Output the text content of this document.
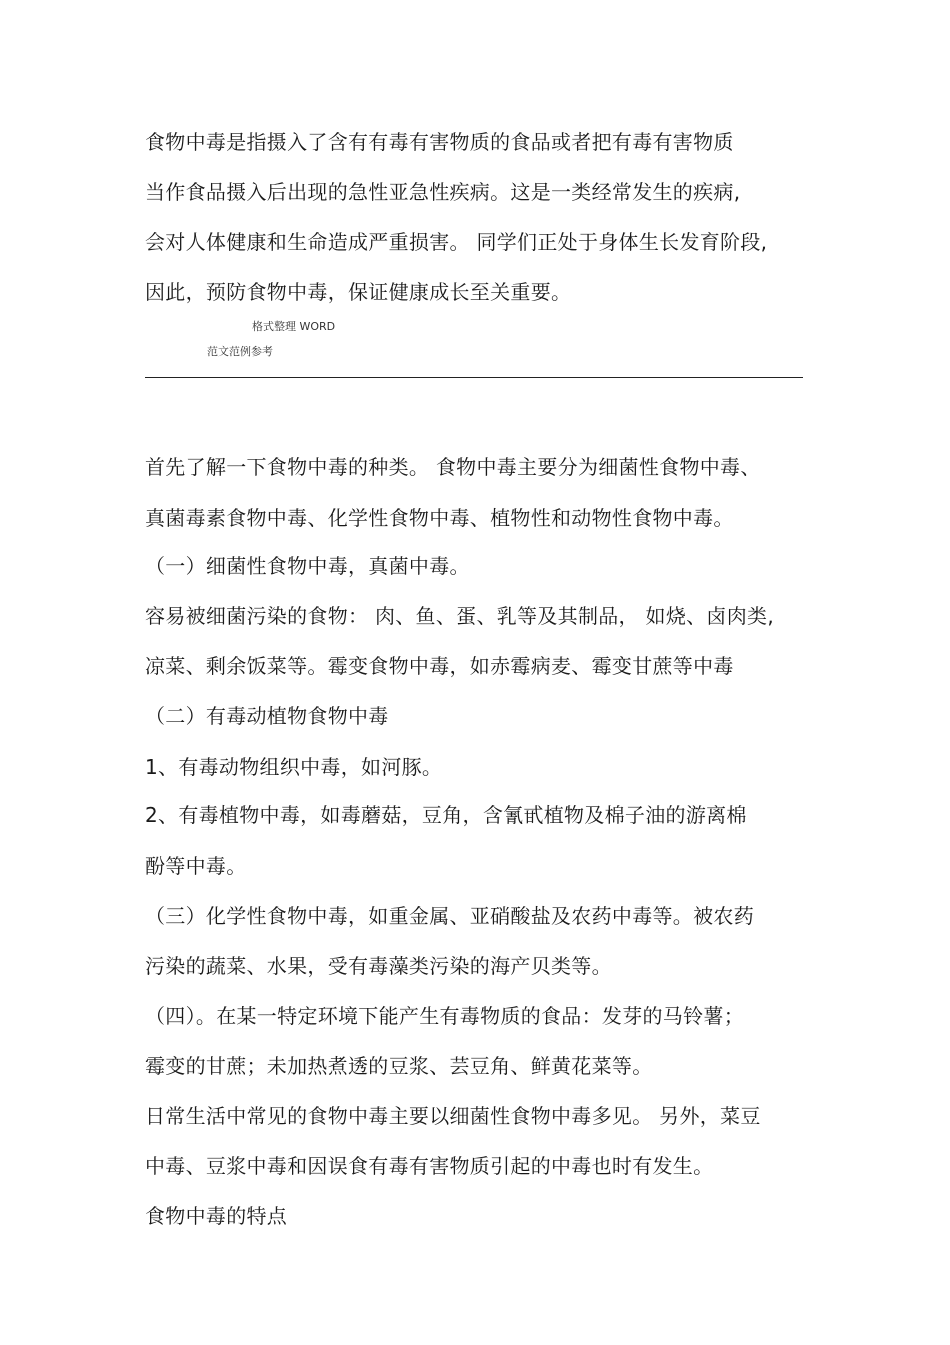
食物中毒是指摄入了含有有毒有害物质的食品或者把有毒有害物质
当作食品摄入后出现的急性亚急性疾病。这是一类经常发生的疾病,
会对人体健康和生命造成严重损害。 同学们正处于身体生长发育阶段,
因此，预防食物中毒，保证健康成长至关重要。
格式整理 WORD
范文范例参考
首先了解一下食物中毒的种类。 食物中毒主要分为细菌性食物中毒、
真菌毒素食物中毒、化学性食物中毒、植物性和动物性食物中毒。
（一）细菌性食物中毒，真菌中毒。
容易被细菌污染的食物： 肉、鱼、蛋、乳等及其制品， 如烧、卤肉类,
凉菜、剩余饭菜等。霉变食物中毒，如赤霉病麦、霉变甘蔗等中毒
（二）有毒动植物食物中毒
1、有毒动物组织中毒，如河豚。
2、有毒植物中毒，如毒蘑菇，豆角，含氰甙植物及棉子油的游离棉
酚等中毒。
（三）化学性食物中毒，如重金属、亚硝酸盐及农药中毒等。被农药
污染的蔬菜、水果，受有毒藻类污染的海产贝类等。
（四）。在某一特定环境下能产生有毒物质的食品：发芽的马铃薯；
霉变的甘蔗；未加热煮透的豆浆、芸豆角、鲜黄花菜等。
日常生活中常见的食物中毒主要以细菌性食物中毒多见。 另外，菜豆
中毒、豆浆中毒和因误食有毒有害物质引起的中毒也时有发生。
食物中毒的特点
